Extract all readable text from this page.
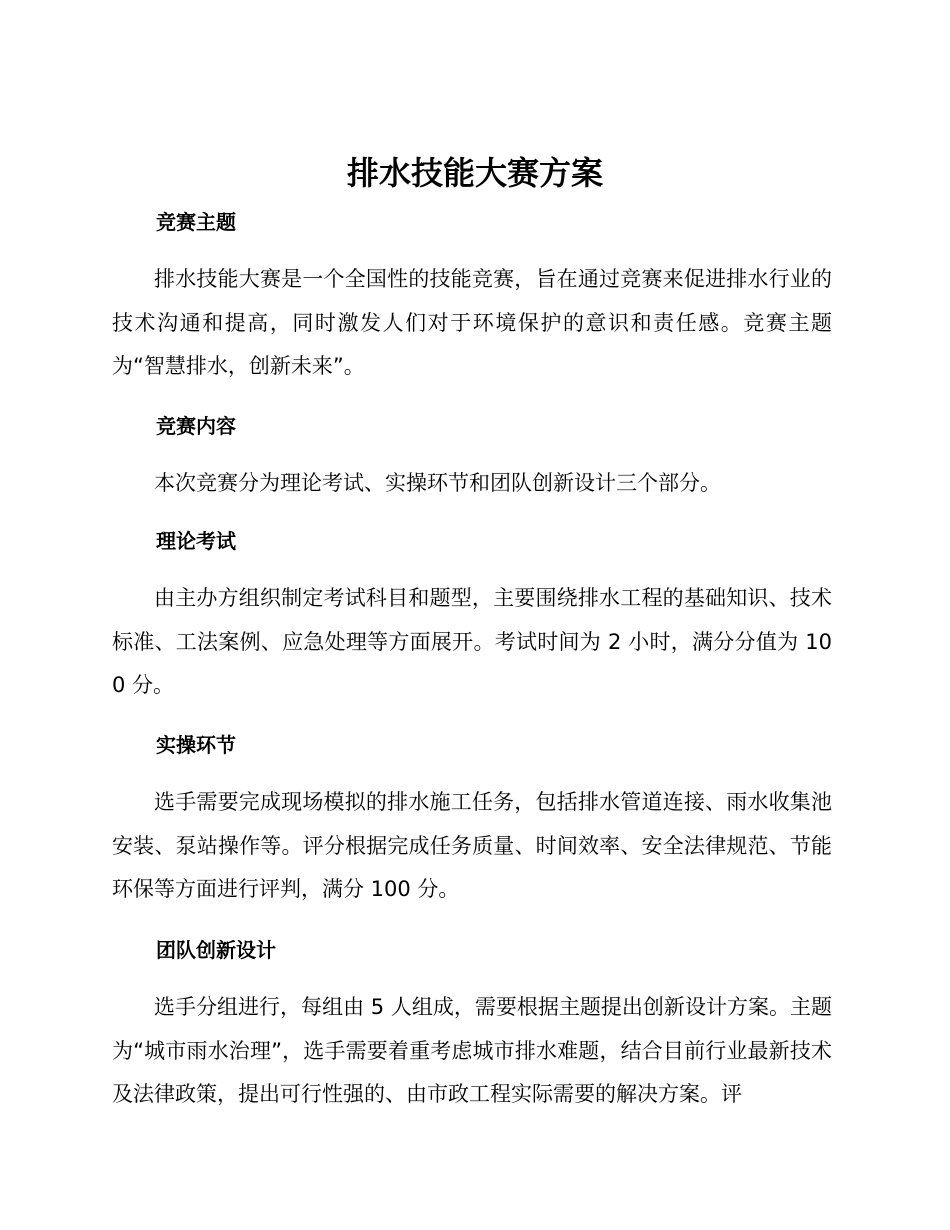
排水技能大赛方案
竞赛主题

排水技能大赛是一个全国性的技能竞赛，旨在通过竞赛来促进排水行业的技术沟通和提高，同时激发人们对于环境保护的意识和责任感。竞赛主题为“智慧排水，创新未来”。

竞赛内容

本次竞赛分为理论考试、实操环节和团队创新设计三个部分。

理论考试

由主办方组织制定考试科目和题型，主要围绕排水工程的基础知识、技术标准、工法案例、应急处理等方面展开。考试时间为 2 小时，满分分值为 100 分。

实操环节

选手需要完成现场模拟的排水施工任务，包括排水管道连接、雨水收集池安装、泵站操作等。评分根据完成任务质量、时间效率、安全法律规范、节能环保等方面进行评判，满分 100 分。

团队创新设计

选手分组进行，每组由 5 人组成，需要根据主题提出创新设计方案。主题为“城市雨水治理”，选手需要着重考虑城市排水难题，结合目前行业最新技术及法律政策，提出可行性强的、由市政工程实际需要的解决方案。评
